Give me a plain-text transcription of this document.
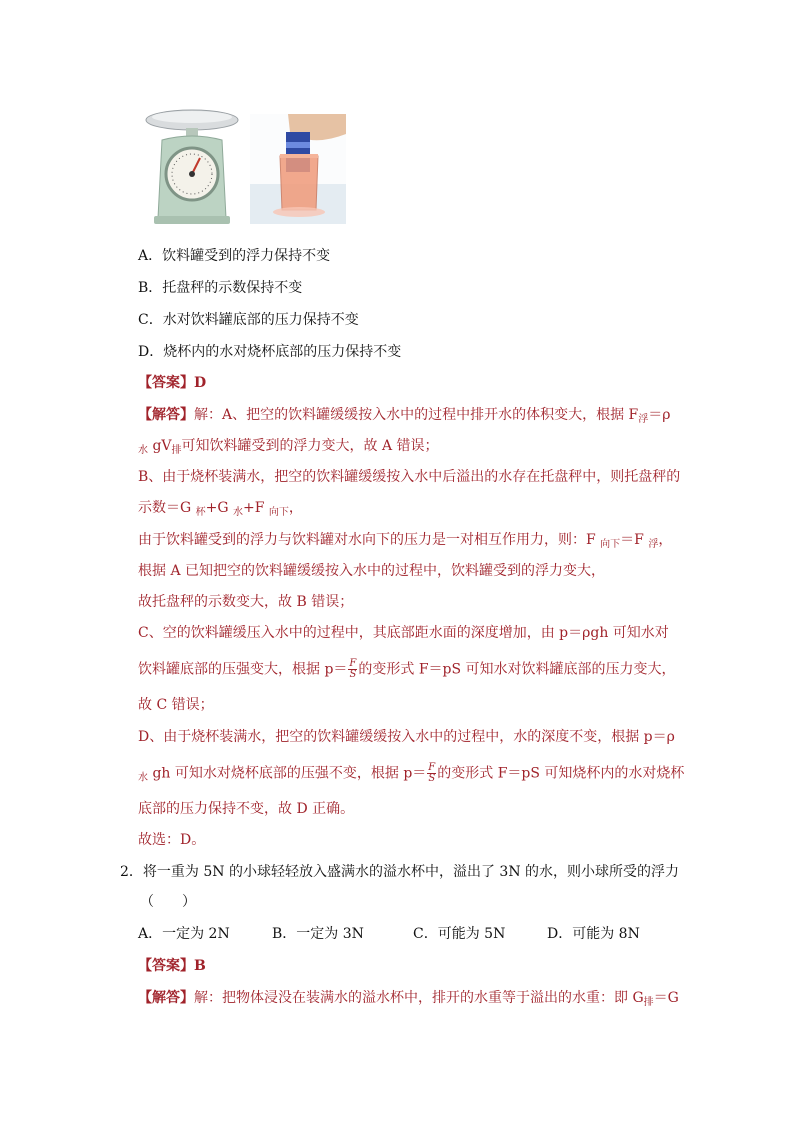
A．饮料罐受到的浮力保持不变
B．托盘秤的示数保持不变
C．水对饮料罐底部的压力保持不变
D．烧杯内的水对烧杯底部的压力保持不变
【答案】D
【解答】解：A、把空的饮料罐缓缓按入水中的过程中排开水的体积变大，根据 $F_浮=\rho$
$_水$ $gV_排$可知饮料罐受到的浮力变大，故 A 错误；
B、由于烧杯装满水，把空的饮料罐缓缓按入水中后溢出的水存在托盘秤中，则托盘秤的
示数＝G $_杯$+G $_水$+F $_{向下}$，
由于饮料罐受到的浮力与饮料罐对水向下的压力是一对相互作用力，则：F $_{向下}$＝F $_浮$，
根据 A 已知把空的饮料罐缓缓按入水中的过程中，饮料罐受到的浮力变大，
故托盘秤的示数变大，故 B 错误；
C、空的饮料罐缓压入水中的过程中，其底部距水面的深度增加，由 p＝ρgh 可知水对
饮料罐底部的压强变大，根据 $p= \frac{F}{S}$ 的变形式 F＝pS 可知水对饮料罐底部的压力变大，
故 C 错误；
D、由于烧杯装满水，把空的饮料罐缓缓按入水中的过程中，水的深度不变，根据 p＝ρ
$_水$ gh 可知水对烧杯底部的压强不变，根据 $p= \frac{F}{S}$ 的变形式 F＝pS 可知烧杯内的水对烧杯
底部的压力保持不变，故 D 正确。
故选：D。
2．将一重为 5N 的小球轻轻放入盛满水的溢水杯中，溢出了 3N 的水，则小球所受的浮力
（　　）
A．一定为 2N	B．一定为 3N	C．可能为 5N	D．可能为 8N
【答案】B
【解答】解：把物体浸没在装满水的溢水杯中，排开的水重等于溢出的水重：即 $G_排=G$
